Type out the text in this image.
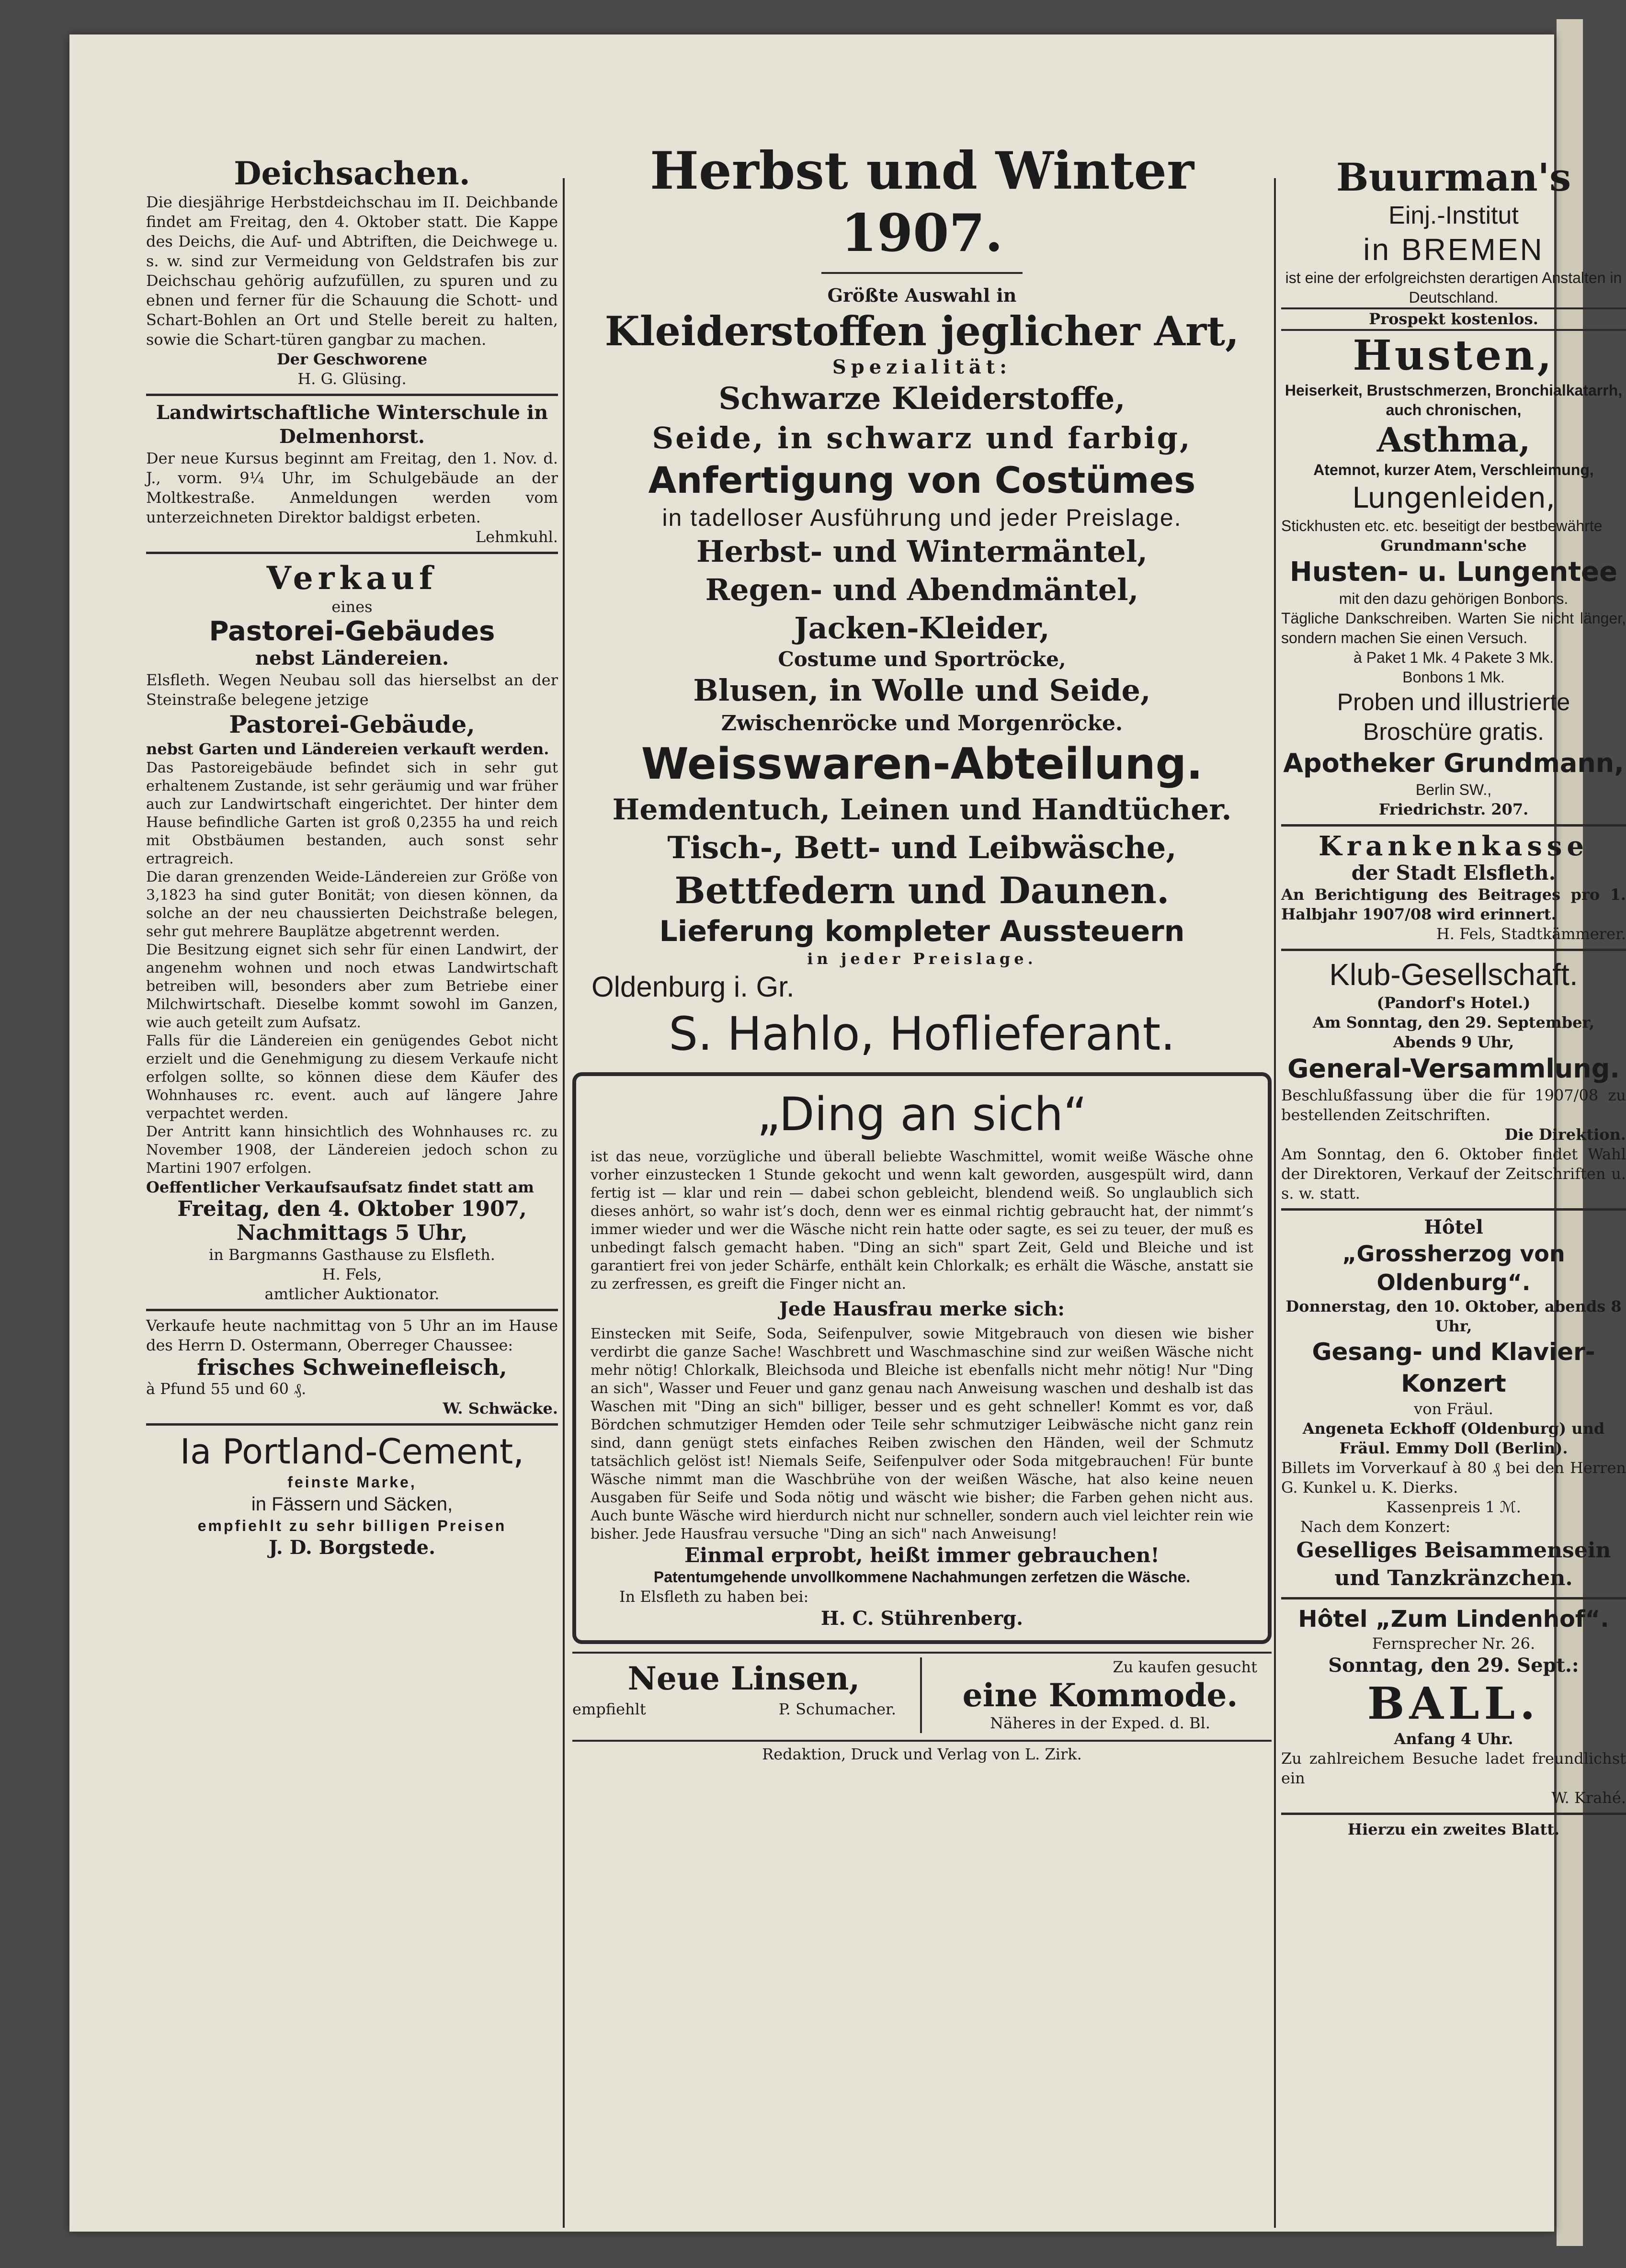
Deichsachen.

Die diesjährige Herbstdeichschau im II. Deichbande findet am Freitag, den 4. Oktober statt. Die Kappe des Deichs, die Auf- und Abtriften, die Deichwege u. s. w. sind zur Vermeidung von Geldstrafen bis zur Deichschau gehörig aufzufüllen, zu spuren und zu ebnen und ferner für die Schauung die Schott- und Schart-Bohlen an Ort und Stelle bereit zu halten, sowie die Schart-türen gangbar zu machen.

Der Geschworene

H. G. Glüsing.

Landwirtschaftliche Winterschule in Delmenhorst.

Der neue Kursus beginnt am Freitag, den 1. Nov. d. J., vorm. 9¼ Uhr, im Schulgebäude an der Moltkestraße. Anmeldungen werden vom unterzeichneten Direktor baldigst erbeten.

Lehmkuhl.

Verkauf

eines

Pastorei-Gebäudes

nebst Ländereien.

Elsfleth. Wegen Neubau soll das hierselbst an der Steinstraße belegene jetzige

Pastorei-Gebäude,

nebst Garten und Ländereien verkauft werden.

Das Pastoreigebäude befindet sich in sehr gut erhaltenem Zustande, ist sehr geräumig und war früher auch zur Landwirtschaft eingerichtet. Der hinter dem Hause befindliche Garten ist groß 0,2355 ha und reich mit Obstbäumen bestanden, auch sonst sehr ertragreich.

Die daran grenzenden Weide-Ländereien zur Größe von 3,1823 ha sind guter Bonität; von diesen können, da solche an der neu chaussierten Deichstraße belegen, sehr gut mehrere Bauplätze abgetrennt werden.

Die Besitzung eignet sich sehr für einen Landwirt, der angenehm wohnen und noch etwas Landwirtschaft betreiben will, besonders aber zum Betriebe einer Milchwirtschaft. Dieselbe kommt sowohl im Ganzen, wie auch geteilt zum Aufsatz.

Falls für die Ländereien ein genügendes Gebot nicht erzielt und die Genehmigung zu diesem Verkaufe nicht erfolgen sollte, so können diese dem Käufer des Wohnhauses rc. event. auch auf längere Jahre verpachtet werden.

Der Antritt kann hinsichtlich des Wohnhauses rc. zu November 1908, der Ländereien jedoch schon zu Martini 1907 erfolgen.

Oeffentlicher Verkaufsaufsatz findet statt am

Freitag, den 4. Oktober 1907,
Nachmittags 5 Uhr,

in Bargmanns Gasthause zu Elsfleth.

H. Fels,

amtlicher Auktionator.

Verkaufe heute nachmittag von 5 Uhr an im Hause des Herrn D. Ostermann, Oberreger Chaussee:

frisches Schweinefleisch,

à Pfund 55 und 60 ₰.

W. Schwäcke.

Ia Portland-Cement,

feinste Marke,

in Fässern und Säcken,

empfiehlt zu sehr billigen Preisen

J. D. Borgstede.

Herbst und Winter 1907.

Größte Auswahl in

Kleiderstoffen jeglicher Art,

Spezialität:

Schwarze Kleiderstoffe,
Seide, in schwarz und farbig,
Anfertigung von Costümes

in tadelloser Ausführung und jeder Preislage.

Herbst- und Wintermäntel,
Regen- und Abendmäntel,
Jacken-Kleider,

Costume und Sportröcke,

Blusen, in Wolle und Seide,

Zwischenröcke und Morgenröcke.

Weisswaren-Abteilung.
Hemdentuch, Leinen und Handtücher.
Tisch-, Bett- und Leibwäsche,
Bettfedern und Daunen.
Lieferung kompleter Aussteuern

in jeder Preislage.

Oldenburg i. Gr.

S. Hahlo, Hoflieferant.
„Ding an sich“

ist das neue, vorzügliche und überall beliebte Waschmittel, womit weiße Wäsche ohne vorher einzustecken 1 Stunde gekocht und wenn kalt geworden, ausgespült wird, dann fertig ist — klar und rein — dabei schon gebleicht, blendend weiß. So unglaublich sich dieses anhört, so wahr ist’s doch, denn wer es einmal richtig gebraucht hat, der nimmt’s immer wieder und wer die Wäsche nicht rein hatte oder sagte, es sei zu teuer, der muß es unbedingt falsch gemacht haben. "Ding an sich" spart Zeit, Geld und Bleiche und ist garantiert frei von jeder Schärfe, enthält kein Chlorkalk; es erhält die Wäsche, anstatt sie zu zerfressen, es greift die Finger nicht an.

Jede Hausfrau merke sich:

Einstecken mit Seife, Soda, Seifenpulver, sowie Mitgebrauch von diesen wie bisher verdirbt die ganze Sache! Waschbrett und Waschmaschine sind zur weißen Wäsche nicht mehr nötig! Chlorkalk, Bleichsoda und Bleiche ist ebenfalls nicht mehr nötig! Nur "Ding an sich", Wasser und Feuer und ganz genau nach Anweisung waschen und deshalb ist das Waschen mit "Ding an sich" billiger, besser und es geht schneller! Kommt es vor, daß Bördchen schmutziger Hemden oder Teile sehr schmutziger Leibwäsche nicht ganz rein sind, dann genügt stets einfaches Reiben zwischen den Händen, weil der Schmutz tatsächlich gelöst ist! Niemals Seife, Seifenpulver oder Soda mitgebrauchen! Für bunte Wäsche nimmt man die Waschbrühe von der weißen Wäsche, hat also keine neuen Ausgaben für Seife und Soda nötig und wäscht wie bisher; die Farben gehen nicht aus. Auch bunte Wäsche wird hierdurch nicht nur schneller, sondern auch viel leichter rein wie bisher. Jede Hausfrau versuche "Ding an sich" nach Anweisung!

Einmal erprobt, heißt immer gebrauchen!

Patentumgehende unvollkommene Nachahmungen zerfetzen die Wäsche.

In Elsfleth zu haben bei:

H. C. Stührenberg.

Neue Linsen,
empfiehlt	P. Schumacher.

Zu kaufen gesucht

eine Kommode.

Näheres in der Exped. d. Bl.

Redaktion, Druck und Verlag von L. Zirk.

Buurman's

Einj.-Institut

in BREMEN

ist eine der erfolgreichsten derartigen Anstalten in Deutschland.

Prospekt kostenlos.

Husten,

Heiserkeit, Brustschmerzen, Bronchialkatarrh, auch chronischen,

Asthma,

Atemnot, kurzer Atem, Verschleimung,

Lungenleiden,

Stickhusten etc. etc. beseitigt der bestbewährte

Grundmann'sche

Husten- u. Lungentee

mit den dazu gehörigen Bonbons.

Tägliche Dankschreiben. Warten Sie nicht länger, sondern machen Sie einen Versuch.

à Paket 1 Mk. 4 Pakete 3 Mk.

Bonbons 1 Mk.

Proben und illustrierte Broschüre gratis.

Apotheker Grundmann,

Berlin SW.,

Friedrichstr. 207.

Krankenkasse

der Stadt Elsfleth.

An Berichtigung des Beitrages pro 1. Halbjahr 1907/08 wird erinnert.

H. Fels, Stadtkämmerer.

Klub-Gesellschaft.

(Pandorf's Hotel.)

Am Sonntag, den 29. September, Abends 9 Uhr,

General-Versammlung.

Beschlußfassung über die für 1907/08 zu bestellenden Zeitschriften.

Die Direktion.

Am Sonntag, den 6. Oktober findet Wahl der Direktoren, Verkauf der Zeitschriften u. s. w. statt.

Hôtel

„Grossherzog von Oldenburg“.

Donnerstag, den 10. Oktober, abends 8 Uhr,

Gesang- und Klavier-Konzert

von Fräul.

Angeneta Eckhoff (Oldenburg) und Fräul. Emmy Doll (Berlin).

Billets im Vorverkauf à 80 ₰ bei den Herren G. Kunkel u. K. Dierks.

Kassenpreis 1 ℳ.

Nach dem Konzert:

Geselliges Beisammensein und Tanzkränzchen.

Hôtel „Zum Lindenhof“.

Fernsprecher Nr. 26.

Sonntag, den 29. Sept.:

BALL.

Anfang 4 Uhr.

Zu zahlreichem Besuche ladet freundlichst ein

W. Krahé.

Hierzu ein zweites Blatt.
